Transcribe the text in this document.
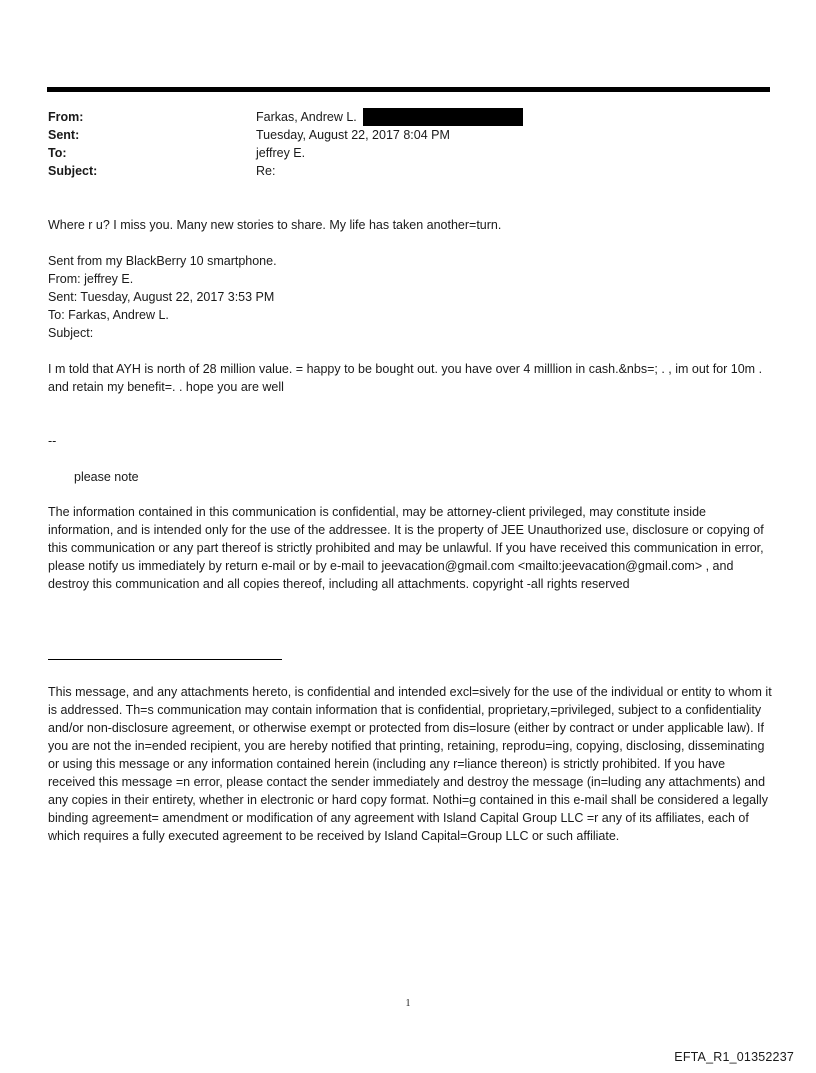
From:	Farkas, Andrew L.
Sent:	Tuesday, August 22, 2017 8:04 PM
To:	jeffrey E.
Subject:	Re:

Where r u? I miss you. Many new stories to share. My life has taken another=turn.

Sent from my BlackBerry 10 smartphone.

From: jeffrey E.

Sent: Tuesday, August 22, 2017 3:53 PM

To: Farkas, Andrew L.

Subject:

I m told that AYH is north of 28 million value. = happy to be bought out. you have over 4 milllion in cash.&nbs=; . , im out for 10m . and retain my benefit=. . hope you are well

--

please note

The information contained in this communication is confidential, may be attorney-client privileged, may constitute inside information, and is intended only for the use of the addressee. It is the property of JEE Unauthorized use, disclosure or copying of this communication or any part thereof is strictly prohibited and may be unlawful. If you have received this communication in error, please notify us immediately by return e-mail or by e-mail to jeevacation@gmail.com <mailto:jeevacation@gmail.com> , and destroy this communication and all copies thereof, including all attachments. copyright -all rights reserved

This message, and any attachments hereto, is confidential and intended excl=sively for the use of the individual or entity to whom it is addressed. Th=s communication may contain information that is confidential, proprietary,=privileged, subject to a confidentiality and/or non-disclosure agreement, or otherwise exempt or protected from dis=losure (either by contract or under applicable law). If you are not the in=ended recipient, you are hereby notified that printing, retaining, reprodu=ing, copying, disclosing, disseminating or using this message or any information contained herein (including any r=liance thereon) is strictly prohibited. If you have received this message =n error, please contact the sender immediately and destroy the message (in=luding any attachments) and any copies in their entirety, whether in electronic or hard copy format. Nothi=g contained in this e-mail shall be considered a legally binding agreement= amendment or modification of any agreement with Island Capital Group LLC =r any of its affiliates, each of which requires a fully executed agreement to be received by Island Capital=Group LLC or such affiliate.

1
EFTA_R1_01352237
